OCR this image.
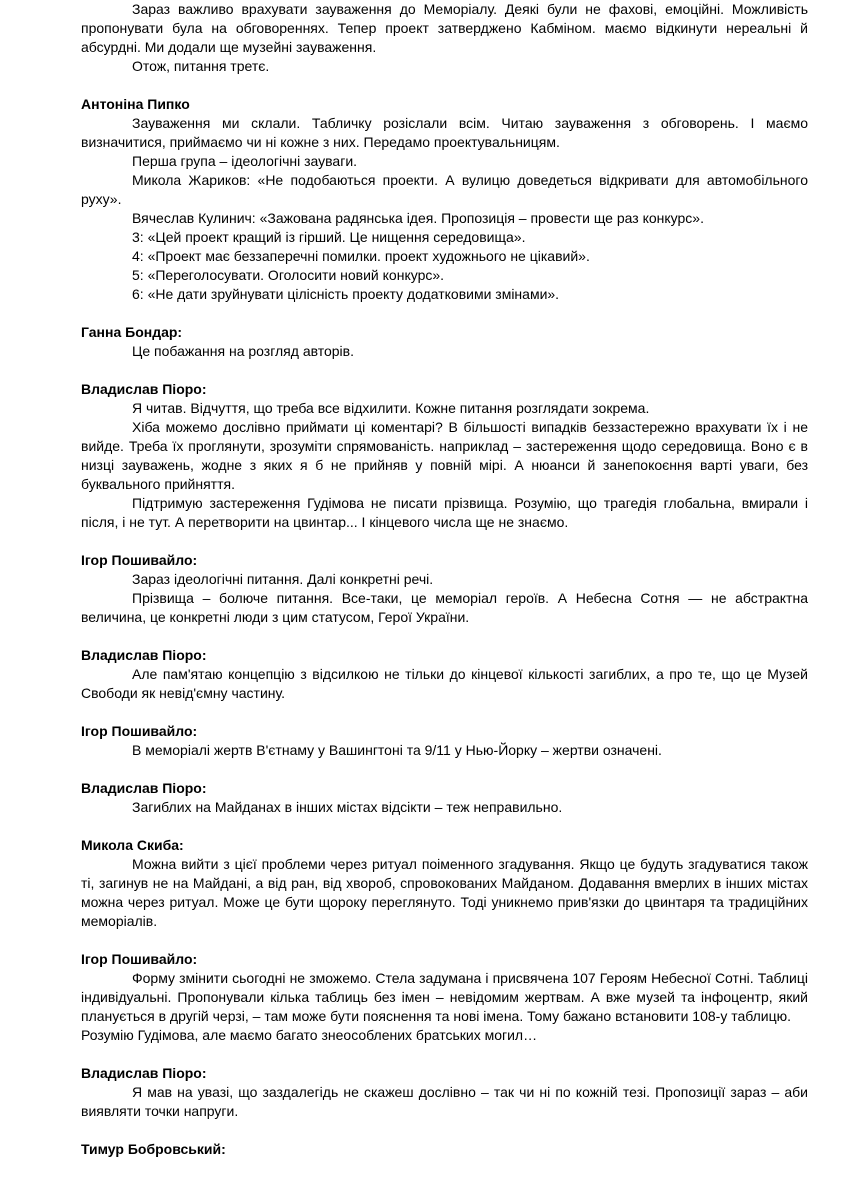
Зараз важливо врахувати зауваження до Меморіалу. Деякі були не фахові, емоційні. Можливість пропонувати була на обговореннях. Тепер проект затверджено Кабміном. маємо відкинути нереальні й абсурдні. Ми додали ще музейні зауваження.

Отож, питання третє.

Антоніна Пипко

Зауваження ми склали. Табличку розіслали всім. Читаю зауваження з обговорень. І маємо визначитися, приймаємо чи ні кожне з них. Передамо проектувальницям.

Перша група – ідеологічні зауваги.

Микола Жариков: «Не подобаються проекти. А вулицю доведеться відкривати для автомобільного руху».

Вячеслав Кулинич: «Зажована радянська ідея. Пропозиція – провести ще раз конкурс».

3: «Цей проект кращий із гірший. Це нищення середовища».

4: «Проект має беззаперечні помилки. проект художнього не цікавий».

5: «Переголосувати. Оголосити новий конкурс».

6: «Не дати зруйнувати цілісність проекту додатковими змінами».

Ганна Бондар:

Це побажання на розгляд авторів.

Владислав Піоро:

Я читав. Відчуття, що треба все відхилити. Кожне питання розглядати зокрема.

Хіба можемо дослівно приймати ці коментарі? В більшості випадків беззастережно врахувати їх і не вийде. Треба їх проглянути, зрозуміти спрямованість. наприклад – застереження щодо середовища. Воно є в низці зауважень, жодне з яких я б не прийняв у повній мірі. А нюанси й занепокоєння варті уваги, без буквального прийняття.

Підтримую застереження Гудімова не писати прізвища. Розумію, що трагедія глобальна, вмирали і після, і не тут. А перетворити на цвинтар... І кінцевого числа ще не знаємо.

Ігор Пошивайло:

Зараз ідеологічні питання. Далі конкретні речі.

Прізвища – болюче питання. Все-таки, це меморіал героїв. А Небесна Сотня — не абстрактна величина, це конкретні люди з цим статусом, Герої України.

Владислав Піоро:

Але пам'ятаю концепцію з відсилкою не тільки до кінцевої кількості загиблих, а про те, що це Музей Свободи як невід'ємну частину.

Ігор Пошивайло:

В меморіалі жертв В'єтнаму у Вашингтоні та 9/11 у Нью-Йорку – жертви означені.

Владислав Піоро:

Загиблих на Майданах в інших містах відсікти – теж неправильно.

Микола Скиба:

Можна вийти з цієї проблеми через ритуал поіменного згадування. Якщо це будуть згадуватися також ті, загинув не на Майдані, а від ран, від хвороб, спровокованих Майданом. Додавання вмерлих в інших містах можна через ритуал. Може це бути щороку переглянуто. Тоді уникнемо прив'язки до цвинтаря та традиційних меморіалів.

Ігор Пошивайло:

Форму змінити сьогодні не зможемо. Стела задумана і присвячена 107 Героям Небесної Сотні. Таблиці індивідуальні. Пропонували кілька таблиць без імен – невідомим жертвам. А вже музей та інфоцентр, який планується в другій черзі, – там може бути пояснення та нові імена. Тому бажано встановити 108-у таблицю.

Розумію Гудімова, але маємо багато знеособлених братських могил…

Владислав Піоро:

Я мав на увазі, що заздалегідь не скажеш дослівно – так чи ні по кожній тезі. Пропозиції зараз – аби виявляти точки напруги.

Тимур Бобровський:
